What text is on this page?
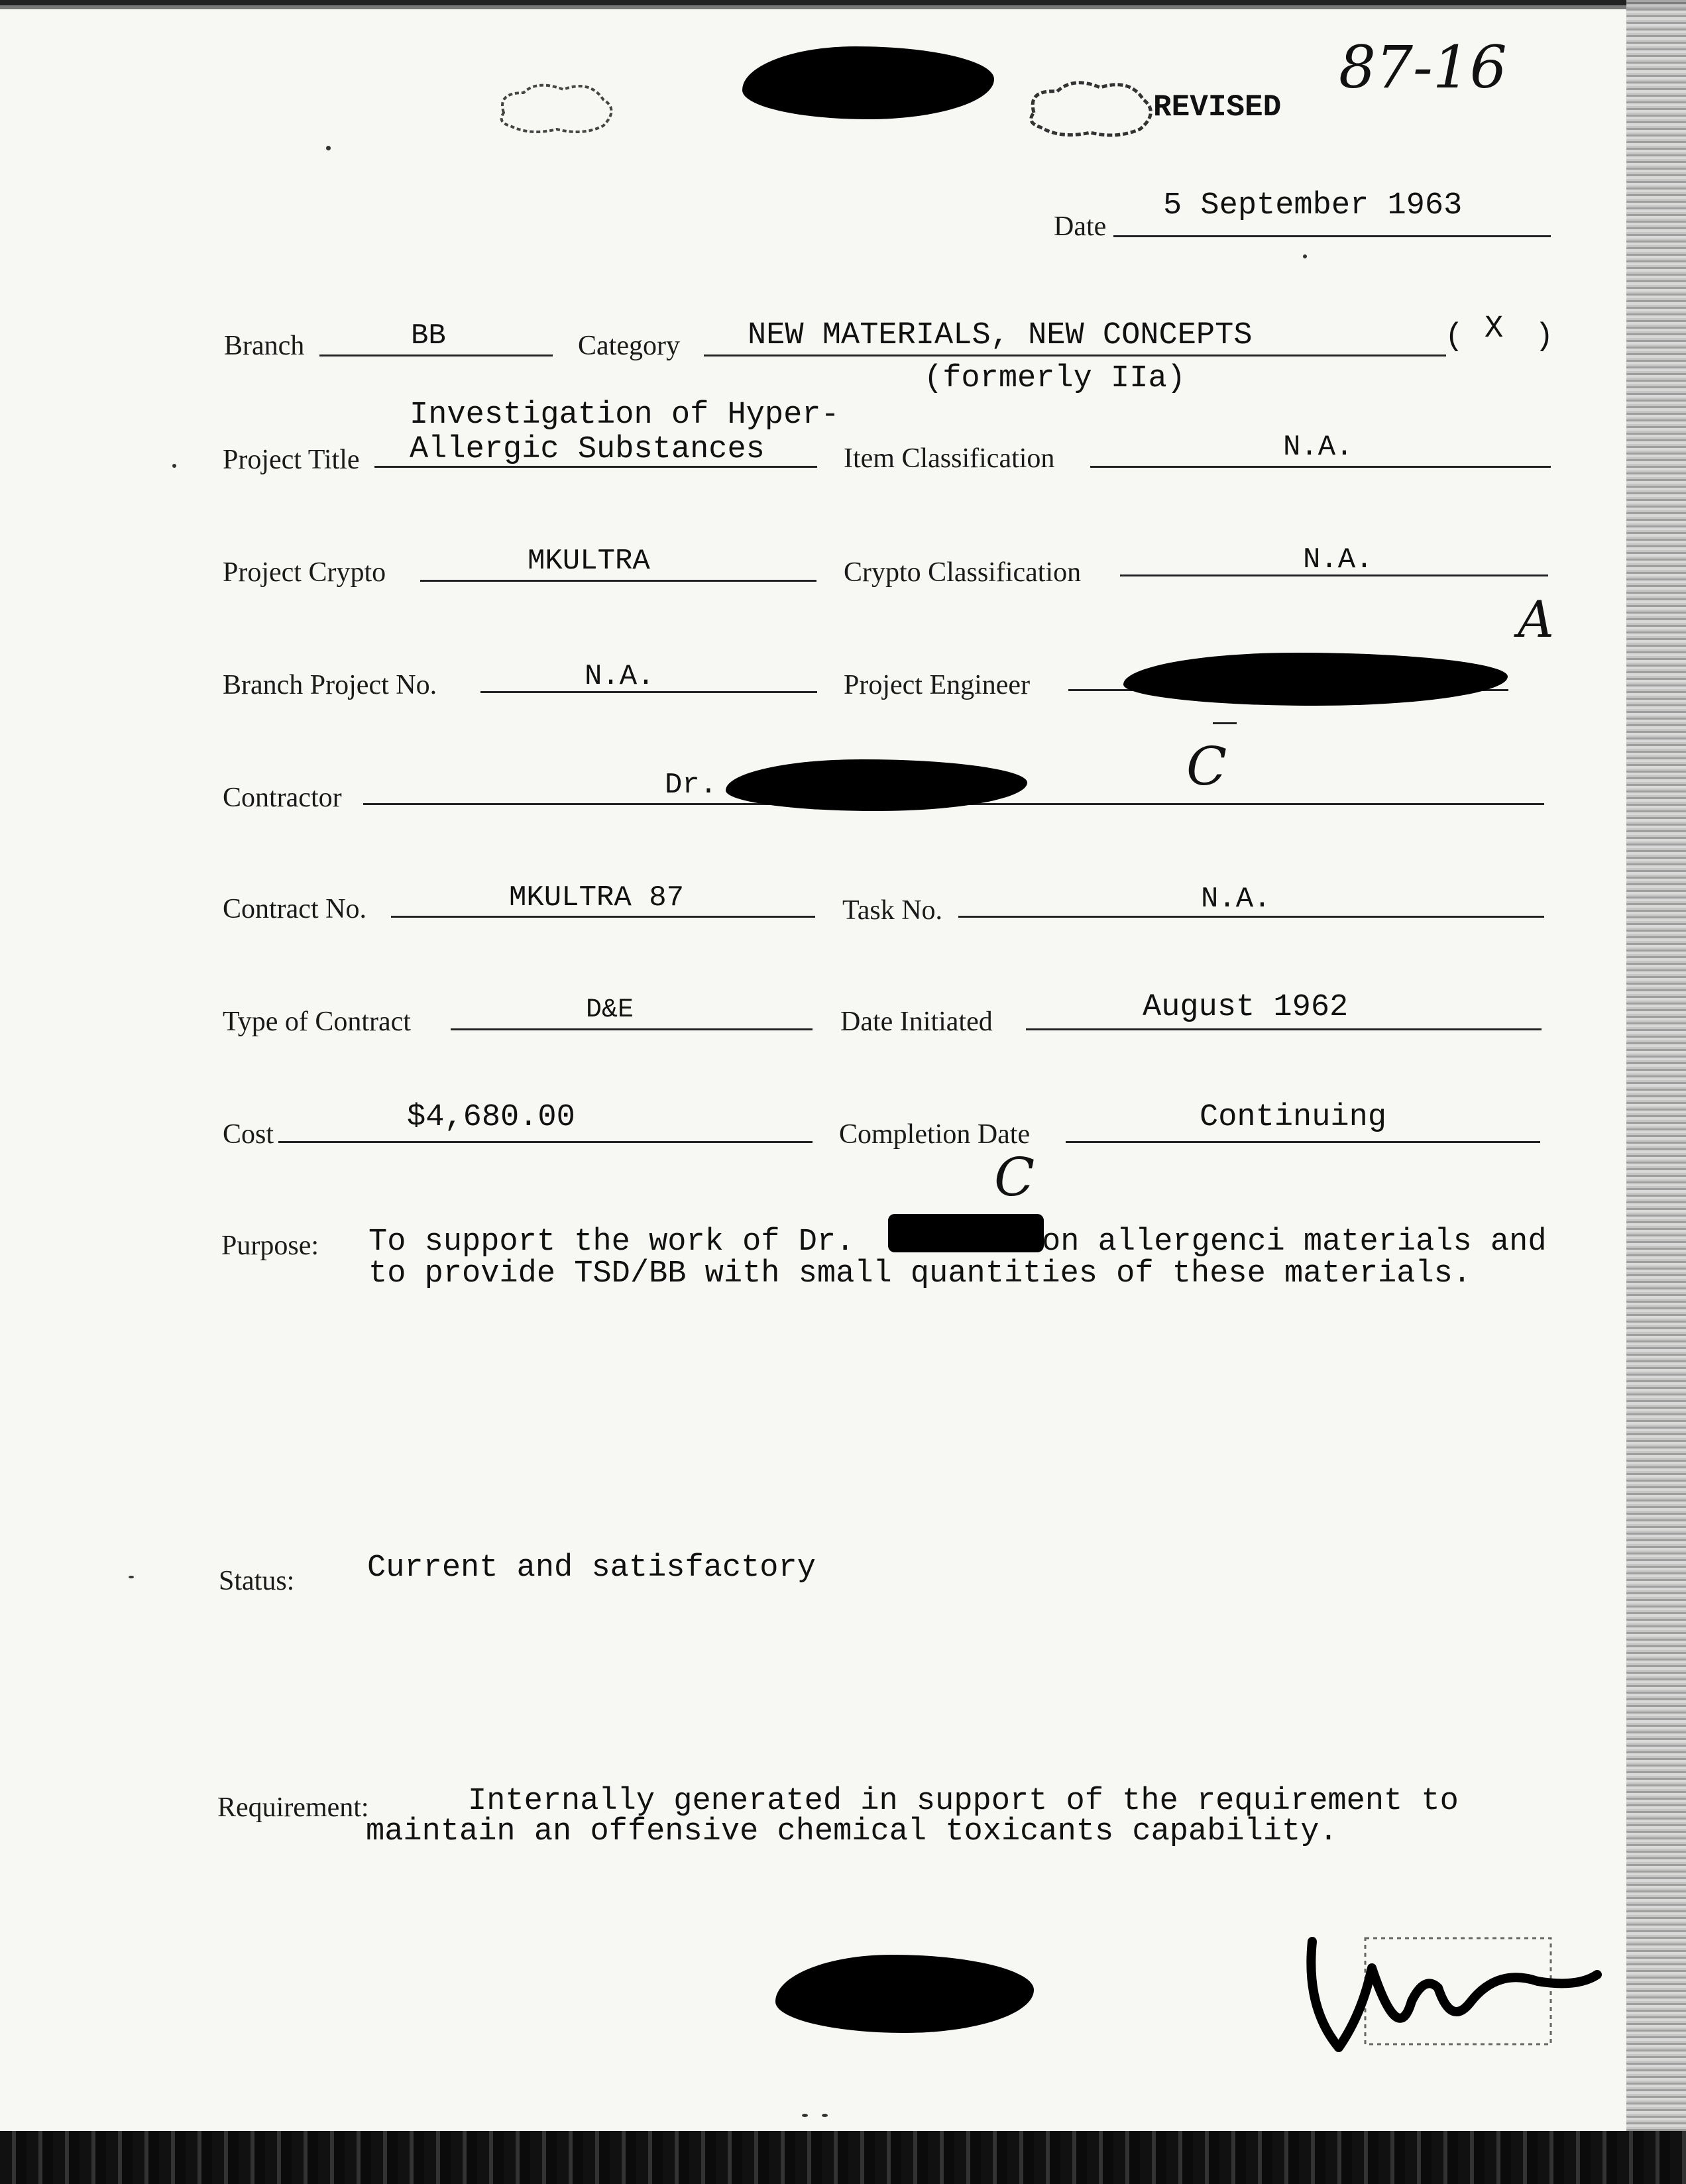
REVISED
87-16
Date
5 September 1963
Branch	BB	Category NEW MATERIALS, NEW CONCEPTS	( X )
(formerly IIa)
Investigation of Hyper-
Project Title Allergic Substances	Item Classification	N.A.
Project Crypto	MKULTRA	Crypto Classification	N.A.
A
Branch Project No.	N.A.	Project Engineer
Contractor	Dr.	C
Contract No.	MKULTRA 87	Task No.	N.A.
Type of Contract	D&E	Date Initiated	August 1962
Cost	$4,680.00	Completion Date	Continuing
C
Purpose: To support the work of Dr.	on allergenci materials and
to provide TSD/BB with small quantities of these materials.
Status: Current and satisfactory
Requirement:	Internally generated in support of the requirement to
maintain an offensive chemical toxicants capability.
